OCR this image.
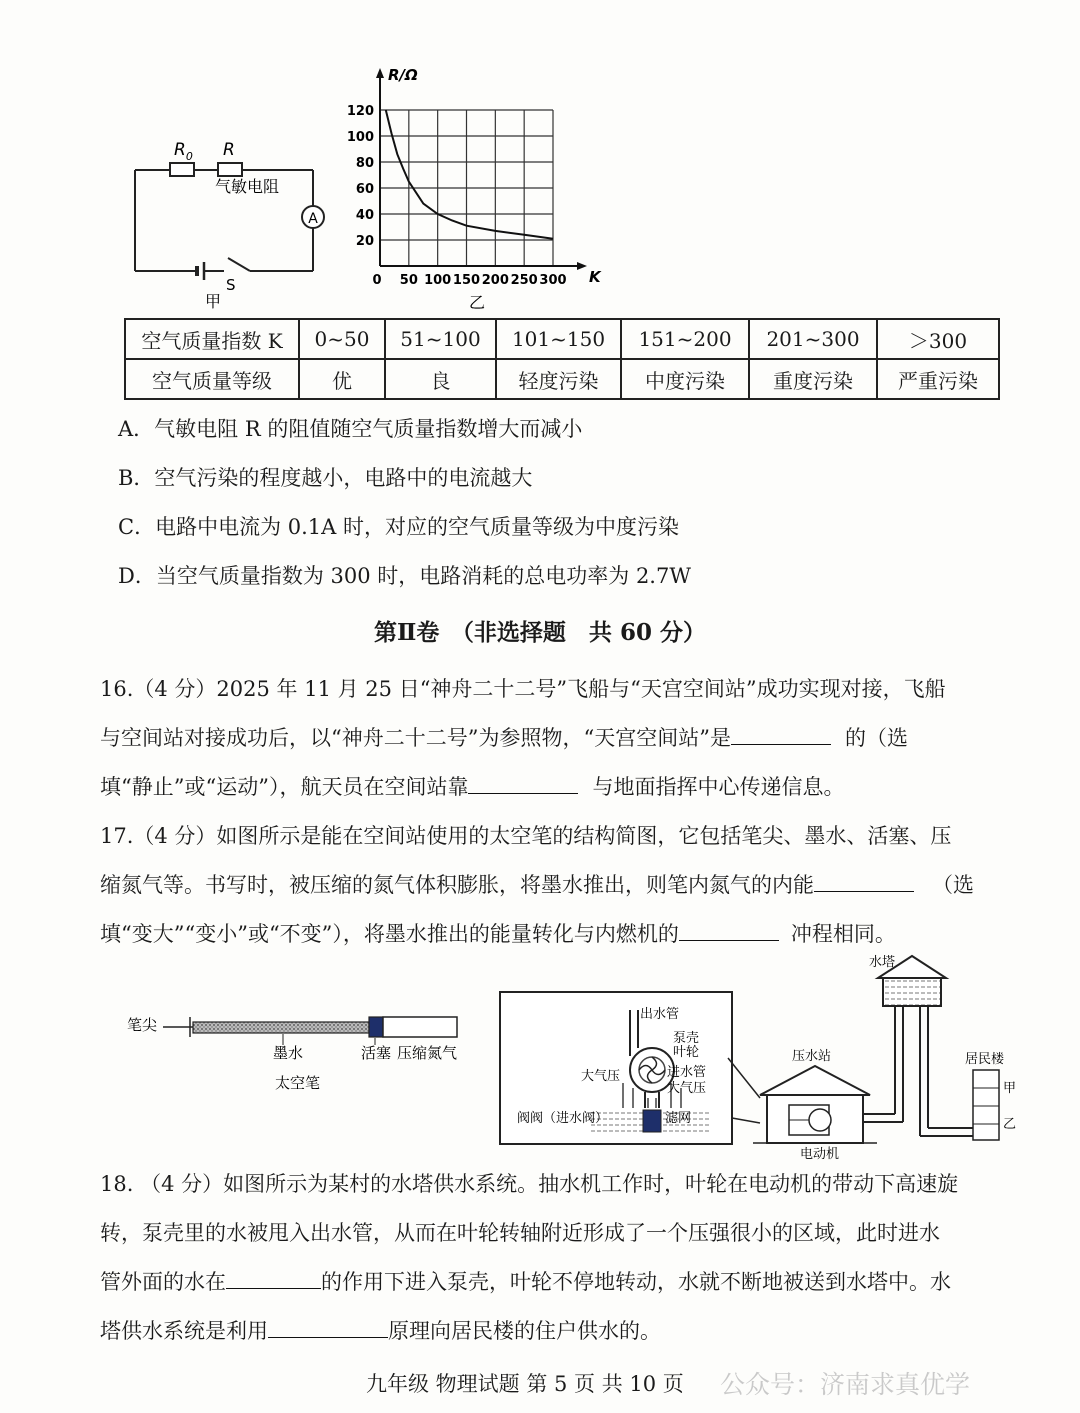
$R_0$ R
气敏电阻
A
S
甲
0 50 100 150 200 250 300
20
40
60
80
100
120
R/Ω
K
乙
空气质量指数 K	0~50	51~100	101~150	151~200	201~300	＞300
空气质量等级	优	良	轻度污染	中度污染	重度污染	严重污染
A．气敏电阻 R 的阻值随空气质量指数增大而减小
B．空气污染的程度越小，电路中的电流越大
C．电路中电流为 0.1A 时，对应的空气质量等级为中度污染
D．当空气质量指数为 300 时，电路消耗的总电功率为 2.7W
第Ⅱ卷　（非选择题　共 60 分）
16.（4 分）2025 年 11 月 25 日“神舟二十二号”飞船与“天宫空间站”成功实现对接，飞船
与空间站对接成功后，以“神舟二十二号”为参照物，“天宫空间站”是	的（选
填“静止”或“运动”），航天员在空间站靠	与地面指挥中心传递信息。
17.（4 分）如图所示是能在空间站使用的太空笔的结构简图，它包括笔尖、墨水、活塞、压
缩氮气等。书写时，被压缩的氮气体积膨胀，将墨水推出，则笔内氮气的内能	（选
填“变大”“变小”或“不变”），将墨水推出的能量转化与内燃机的	冲程相同。
笔尖
墨水	活塞 压缩氮气
太空笔
出水管
泵壳
叶轮
大气压	进水管
大气压
阀阀（进水阀）	滤网
压水站
电动机
水塔
居民楼
甲
乙
18. （4 分）如图所示为某村的水塔供水系统。抽水机工作时，叶轮在电动机的带动下高速旋
转，泵壳里的水被甩入出水管，从而在叶轮转轴附近形成了一个压强很小的区域，此时进水
管外面的水在	的作用下进入泵壳，叶轮不停地转动，水就不断地被送到水塔中。水
塔供水系统是利用	原理向居民楼的住户供水的。
九年级 物理试题 第 5 页 共 10 页 公众号：济南求真优学
